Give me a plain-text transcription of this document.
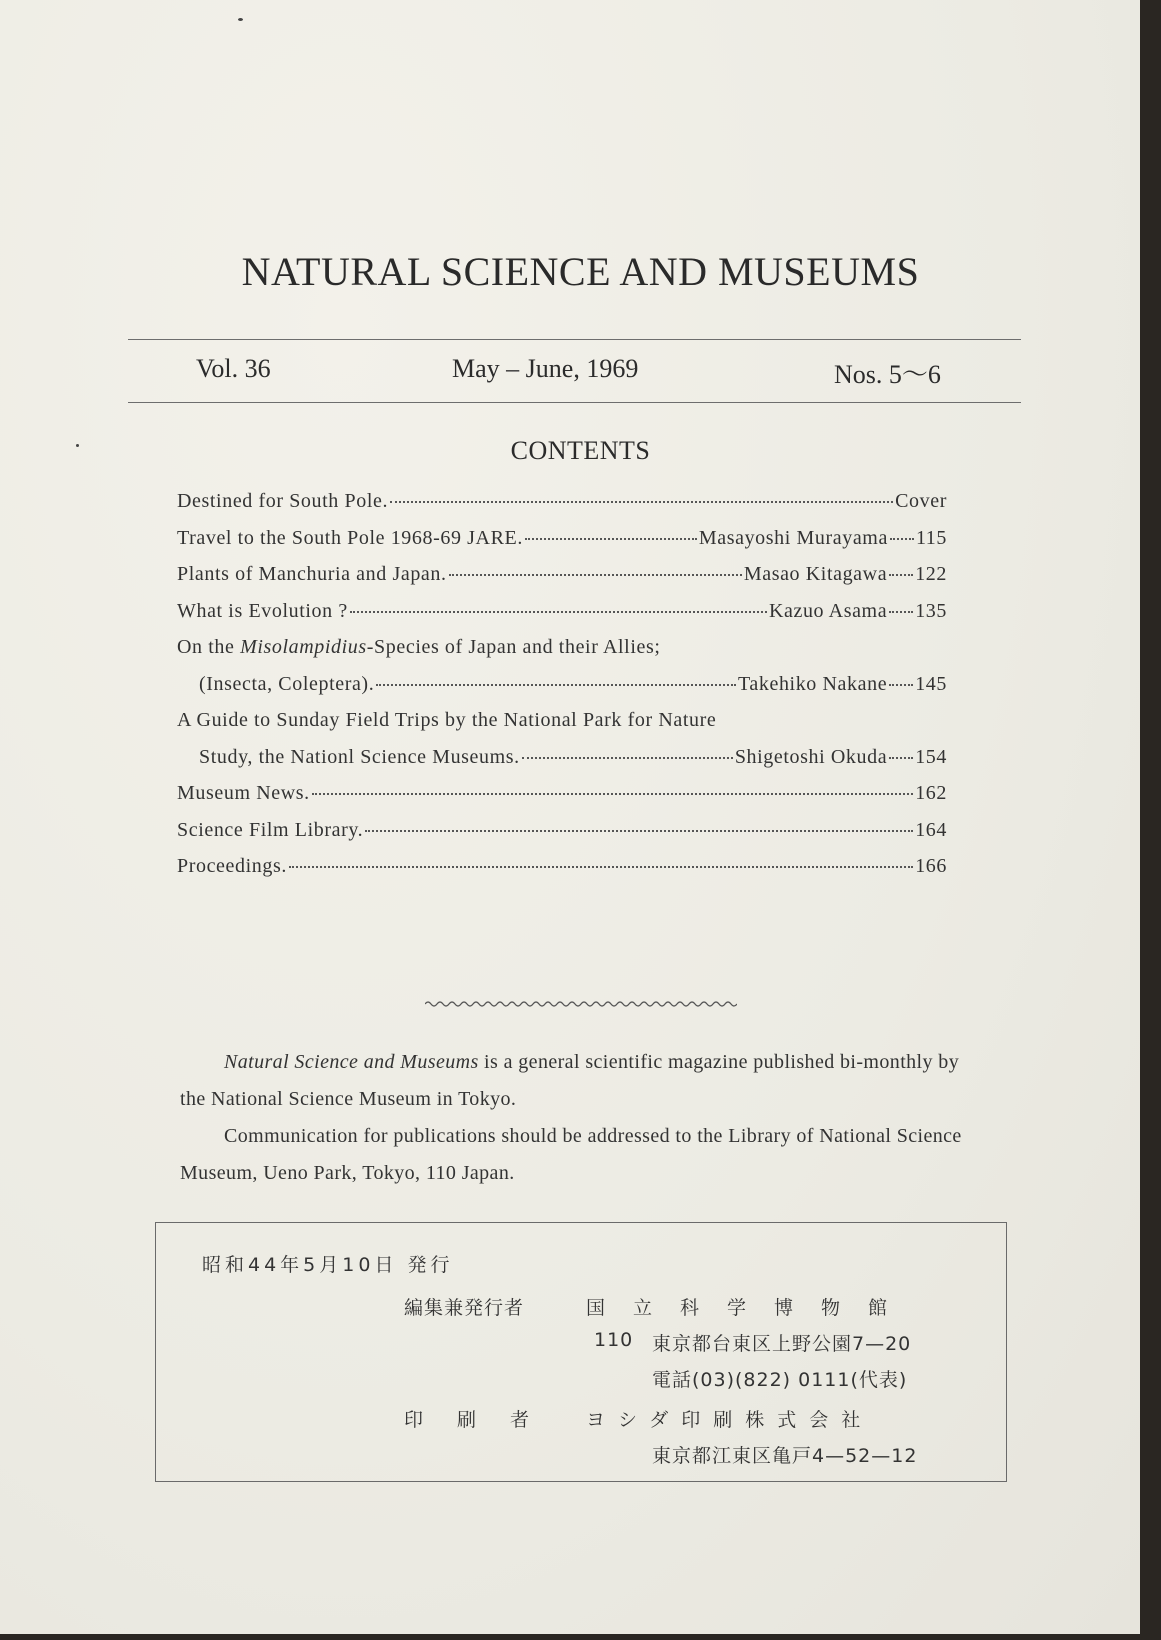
NATURAL SCIENCE AND MUSEUMS
Vol. 36	May – June, 1969	Nos. 5～6
CONTENTS
Destined for South Pole.	Cover
Travel to the South Pole 1968-69 JARE.	Masayoshi Murayama 115
Plants of Manchuria and Japan.	Masao Kitagawa 122
What is Evolution ?	Kazuo Asama 135
On the Misolampidius-Species of Japan and their Allies;
(Insecta, Coleptera).	Takehiko Nakane 145
A Guide to Sunday Field Trips by the National Park for Nature
Study, the Nationl Science Museums.	Shigetoshi Okuda 154
Museum News.	162
Science Film Library.	164
Proceedings.	166

Natural Science and Museums is a general scientific magazine published bi-monthly by the National Science Museum in Tokyo.

Communication for publications should be addressed to the Library of National Science Museum, Ueno Park, Tokyo, 110 Japan.

昭和44年5月10日 発行
編集兼発行者	国立科学博物館
110 東京都台東区上野公園7—20
電話(03)(822) 0111(代表)
印刷者 ヨシダ印刷株式会社
東京都江東区亀戸4—52—12
